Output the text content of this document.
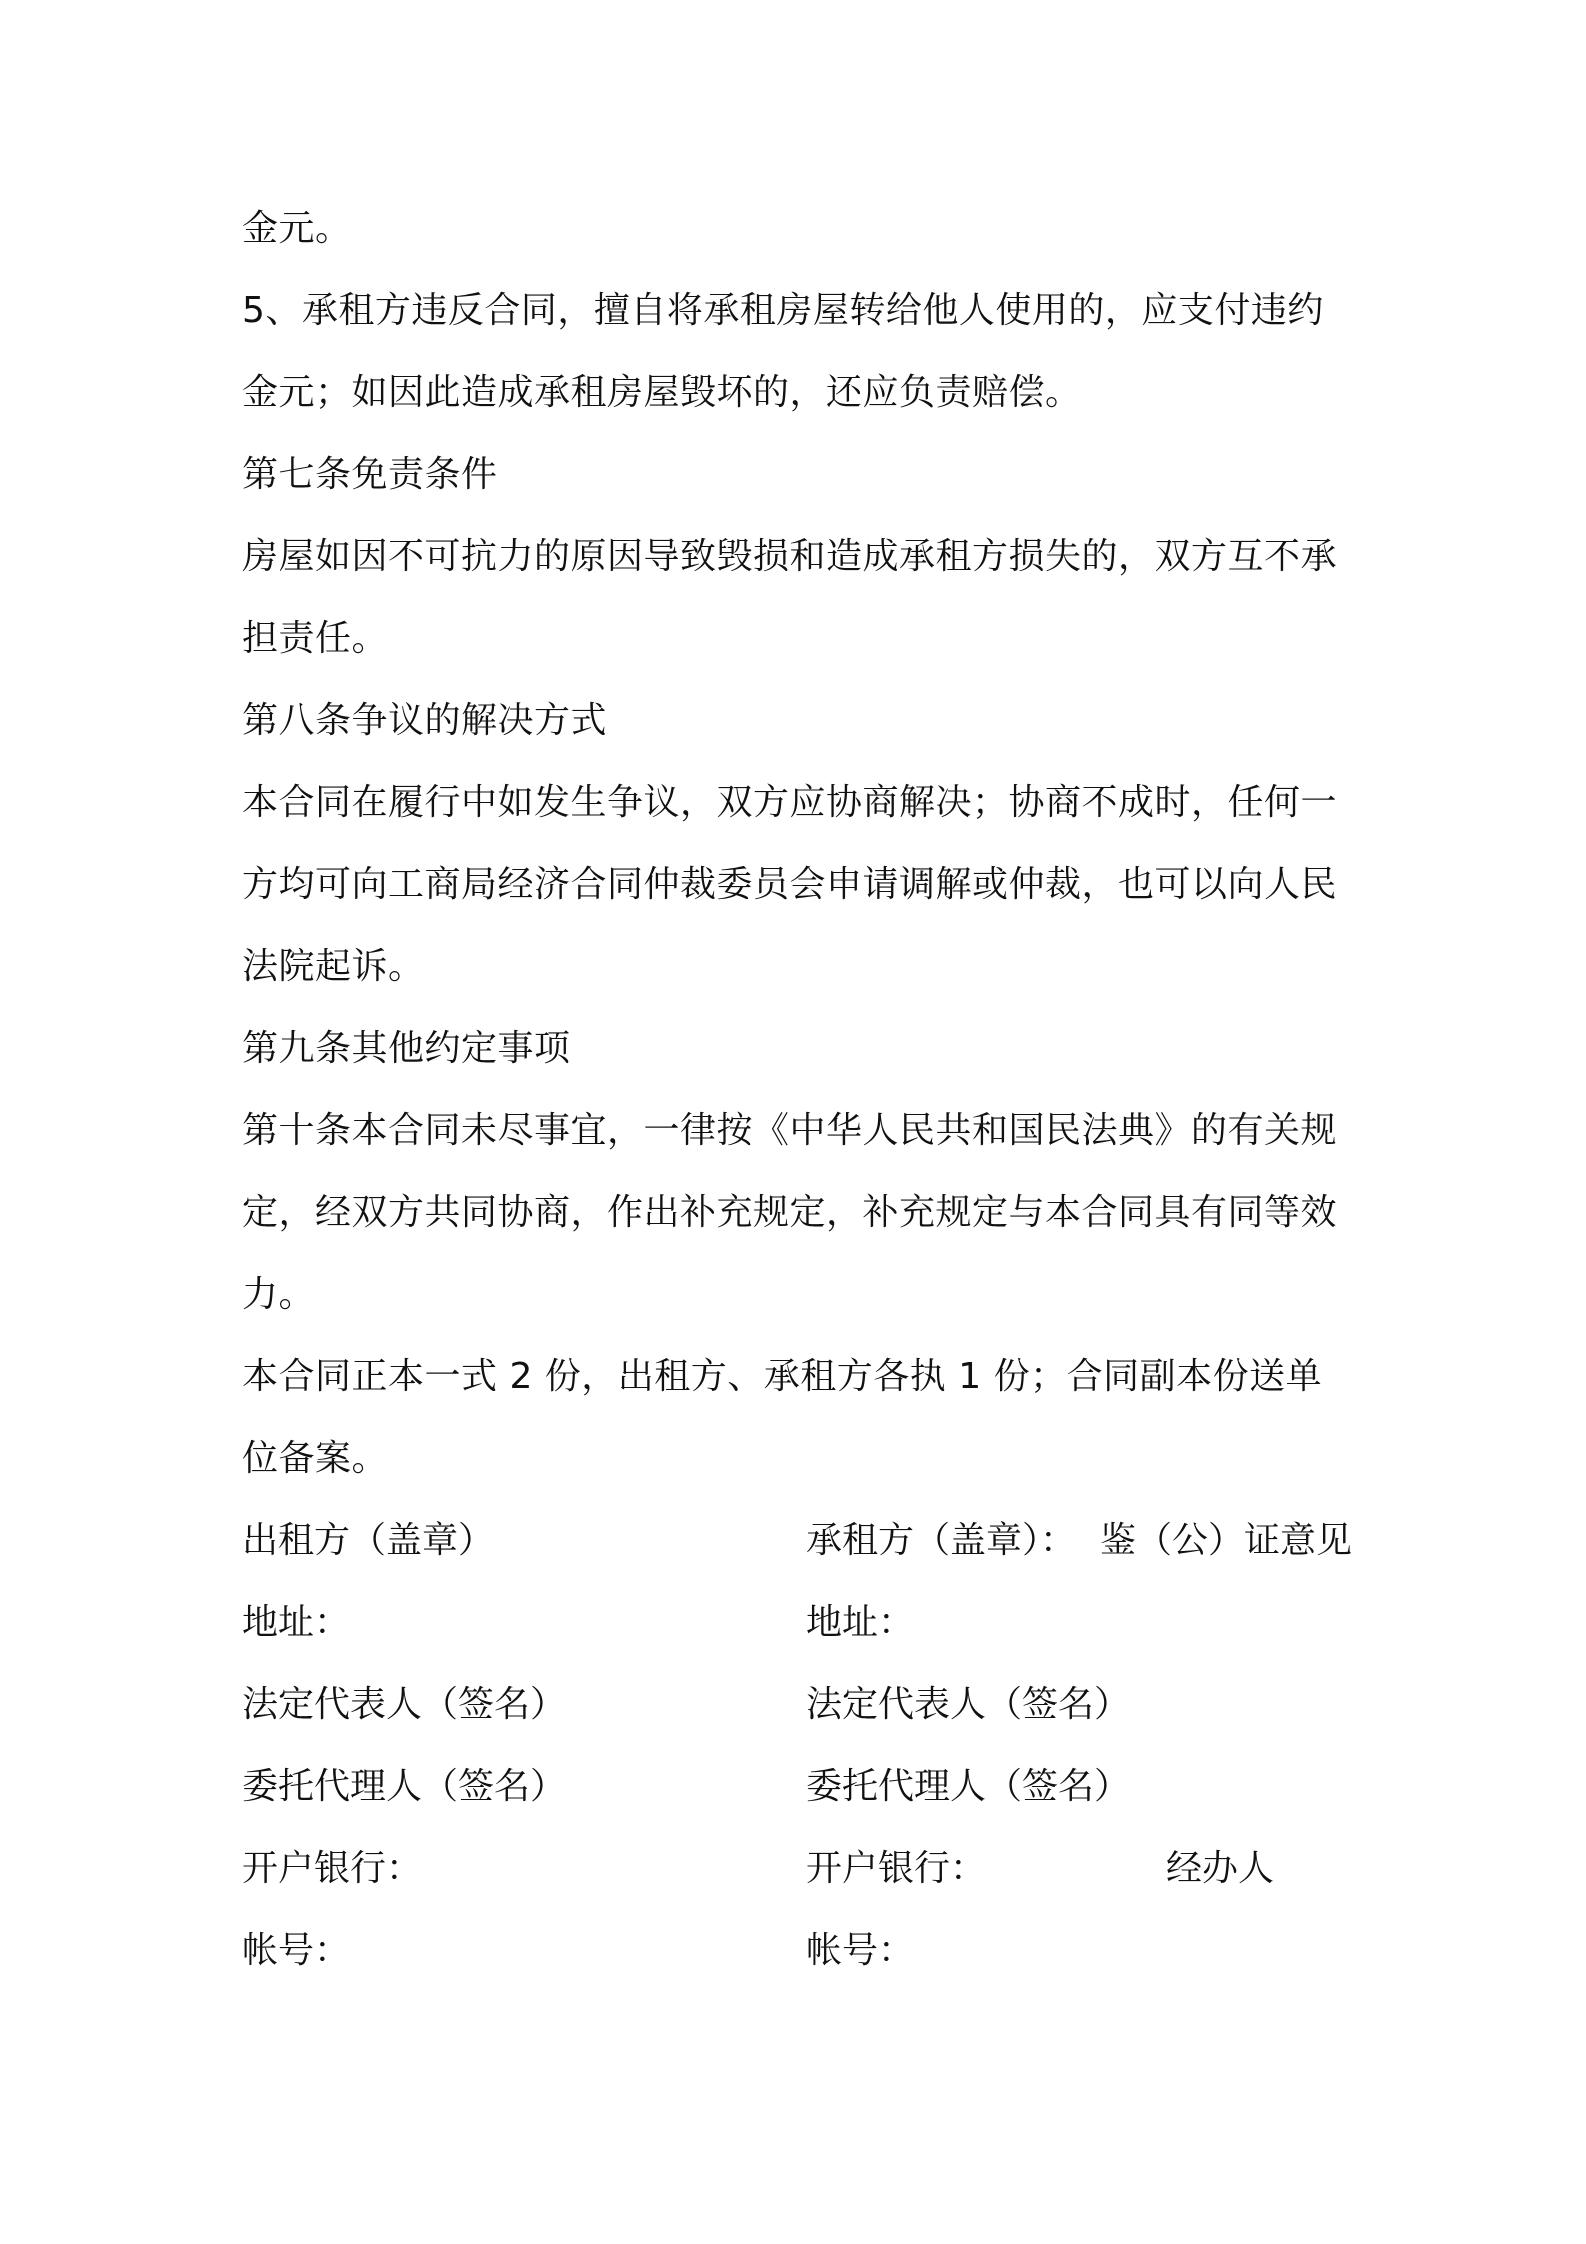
金元。
5、承租方违反合同，擅自将承租房屋转给他人使用的，应支付违约
金元；如因此造成承租房屋毁坏的，还应负责赔偿。
第七条免责条件
房屋如因不可抗力的原因导致毁损和造成承租方损失的，双方互不承
担责任。
第八条争议的解决方式
本合同在履行中如发生争议，双方应协商解决；协商不成时，任何一
方均可向工商局经济合同仲裁委员会申请调解或仲裁，也可以向人民
法院起诉。
第九条其他约定事项
第十条本合同未尽事宜，一律按《中华人民共和国民法典》的有关规
定，经双方共同协商，作出补充规定，补充规定与本合同具有同等效
力。
本合同正本一式 2 份，出租方、承租方各执 1 份；合同副本份送单
位备案。
出租方（盖章）	承租方（盖章）： 鉴（公）证意见
地址：	地址：
法定代表人（签名）	法定代表人（签名）
委托代理人（签名）	委托代理人（签名）
开户银行：	开户银行：	经办人
帐号：	帐号：
